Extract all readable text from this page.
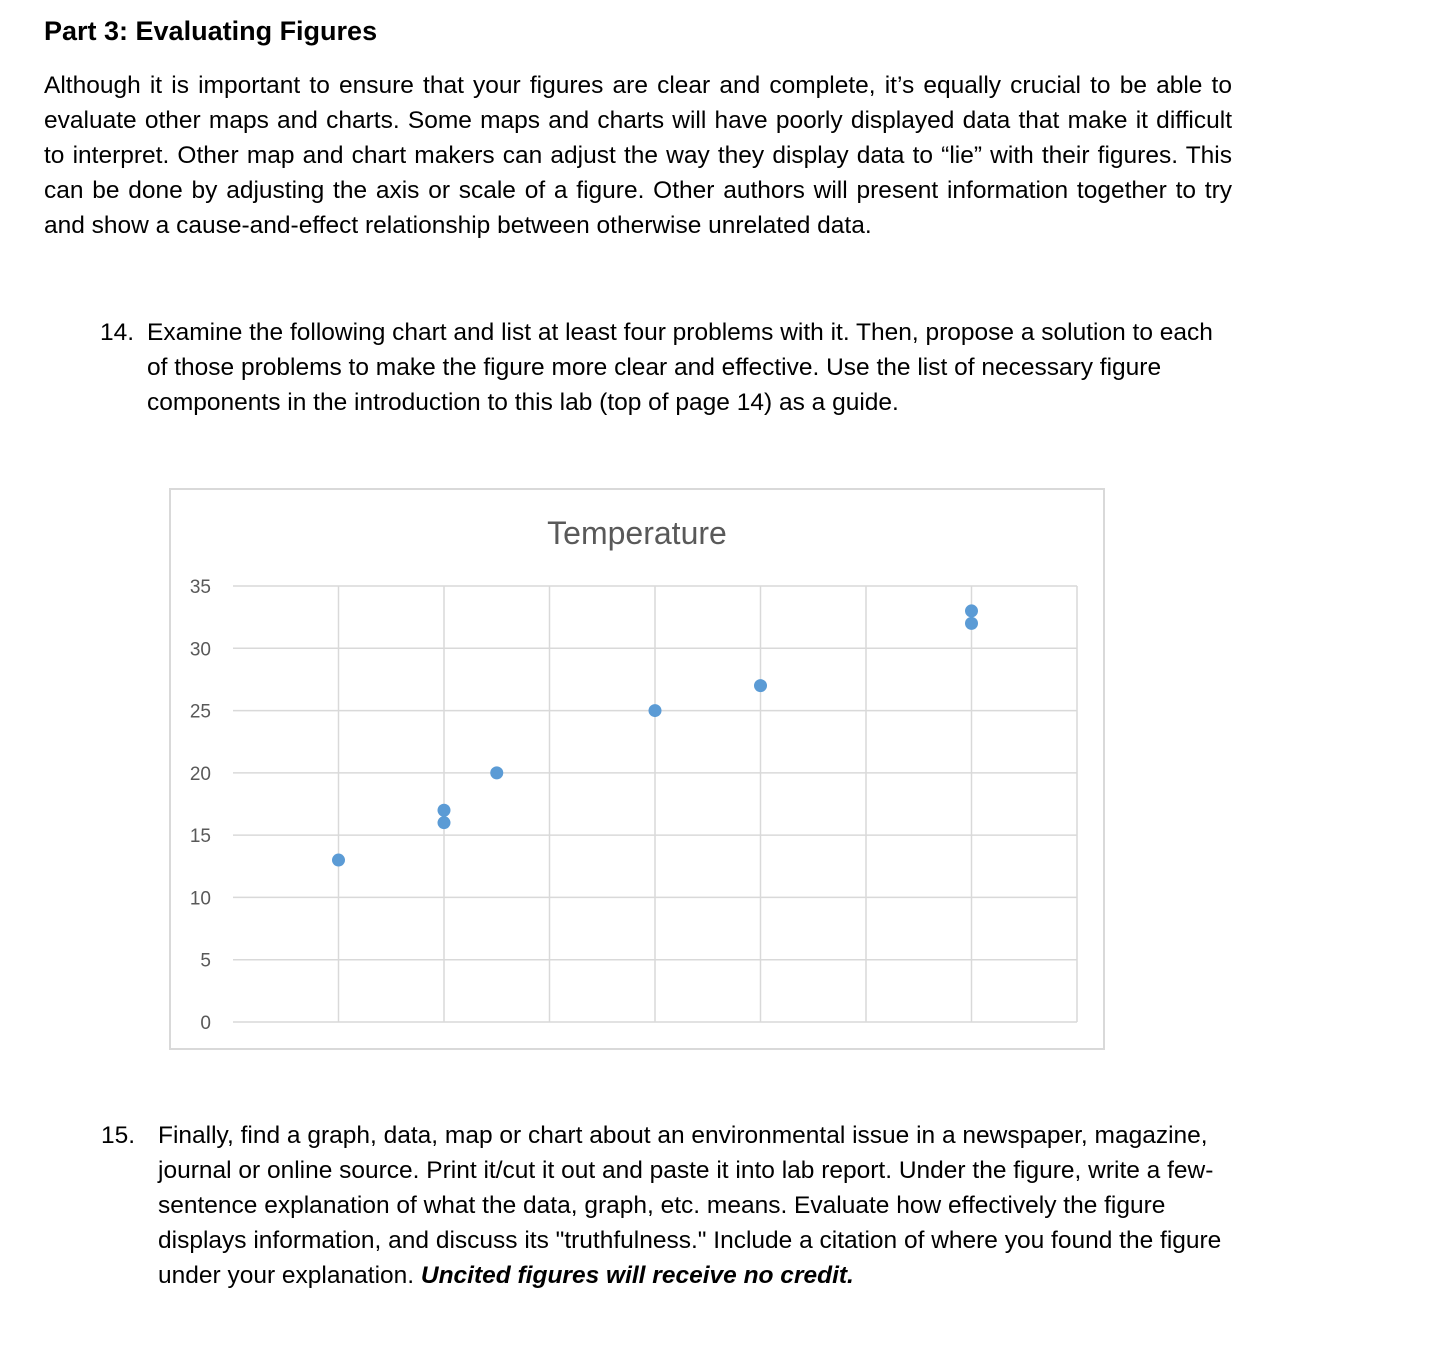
Part 3: Evaluating Figures

Although it is important to ensure that your figures are clear and complete, it’s equally crucial to be able to evaluate other maps and charts. Some maps and charts will have poorly displayed data that make it difficult to interpret. Other map and chart makers can adjust the way they display data to “lie” with their figures. This can be done by adjusting the axis or scale of a figure. Other authors will present information together to try and show a cause-and-effect relationship between otherwise unrelated data.

14. Examine the following chart and list at least four problems with it. Then, propose a solution to each of those problems to make the figure more clear and effective. Use the list of necessary figure components in the introduction to this lab (top of page 14) as a guide.

0
5
10
15
20
25
30
35
Temperature
15. Finally, find a graph, data, map or chart about an environmental issue in a newspaper, magazine, journal or online source. Print it/cut it out and paste it into lab report. Under the figure, write a few- sentence explanation of what the data, graph, etc. means. Evaluate how effectively the figure displays information, and discuss its "truthfulness." Include a citation of where you found the figure under your explanation. Uncited figures will receive no credit.
